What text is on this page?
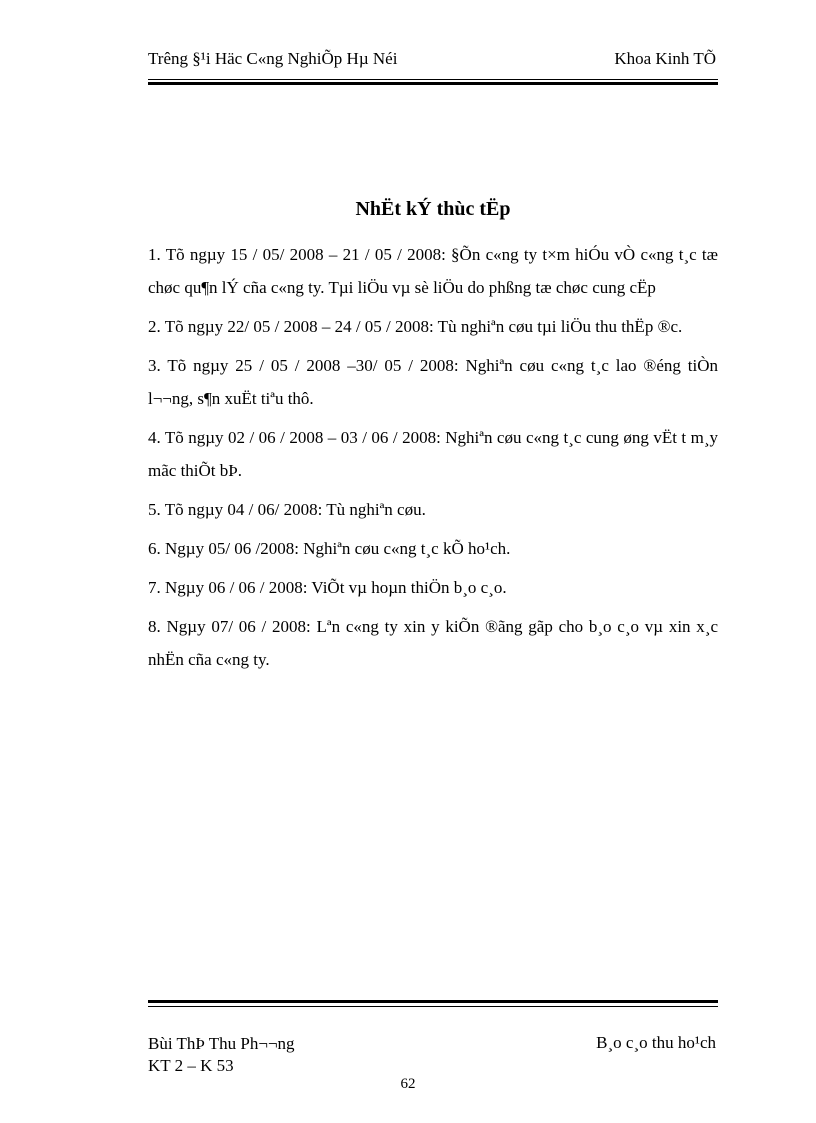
Trêng §¹i Häc C«ng NghiÕp Hµ Néi	Khoa Kinh TÕ
NhËt kÝ thùc tËp

1. Tõ ngµy 15 / 05/ 2008 – 21 / 05 / 2008: §Õn c«ng ty t×m hiÓu vÒ c«ng t¸c tæ chøc qu¶n lÝ cña c«ng ty. Tµi liÖu vµ sè liÖu do phßng tæ chøc cung cËp

2. Tõ ngµy 22/ 05 / 2008 – 24 / 05 / 2008: Tù nghiªn cøu tµi liÖu thu thËp ®c.

3. Tõ ngµy 25 / 05 / 2008 –30/ 05 / 2008: Nghiªn cøu c«ng t¸c lao ®éng tiÒn l¬¬ng, s¶n xuËt tiªu thô.

4. Tõ ngµy 02 / 06 / 2008 – 03 / 06 / 2008: Nghiªn cøu c«ng t¸c cung øng vËt t m¸y mãc thiÕt bÞ.

5. Tõ ngµy 04 / 06/ 2008: Tù nghiªn cøu.

6. Ngµy 05/ 06 /2008: Nghiªn cøu c«ng t¸c kÕ ho¹ch.

7. Ngµy 06 / 06 / 2008: ViÕt vµ hoµn thiÖn b¸o c¸o.

8. Ngµy 07/ 06 / 2008: Lªn c«ng ty xin y kiÕn ®ãng gãp cho b¸o c¸o vµ xin x¸c nhËn cña c«ng ty.

Bùi ThÞ Thu Ph¬¬ng
KT 2 – K 53
B¸o c¸o thu ho¹ch
62
